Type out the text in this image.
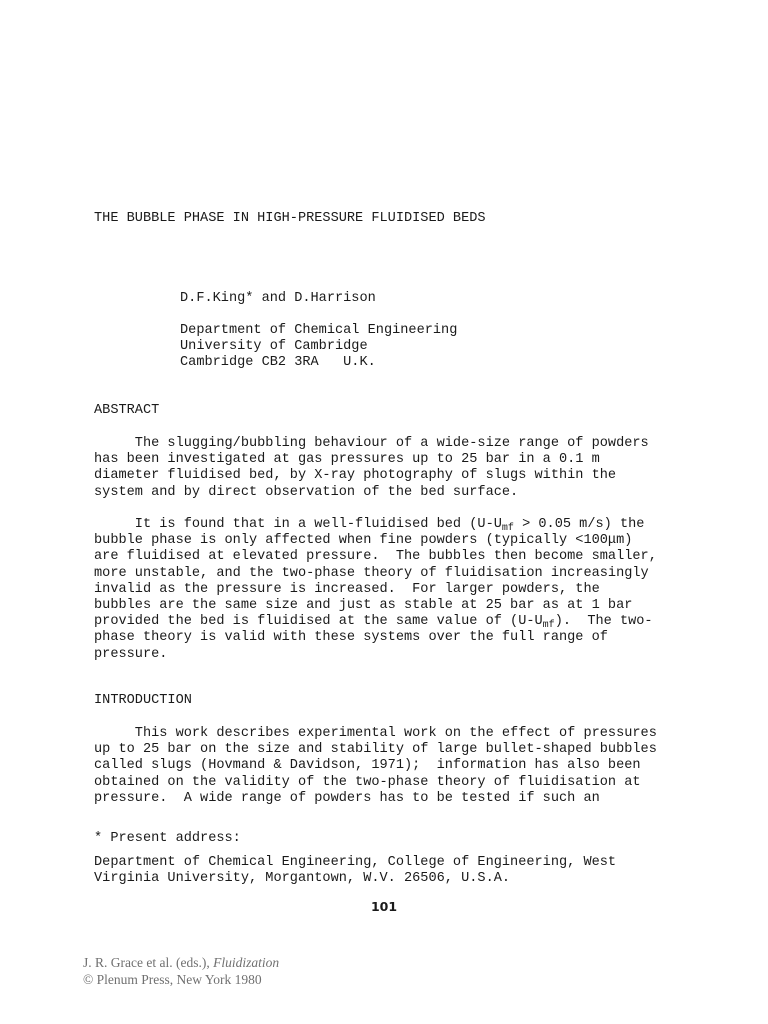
THE BUBBLE PHASE IN HIGH-PRESSURE FLUIDISED BEDS
D.F.King* and D.Harrison
Department of Chemical Engineering
University of Cambridge
Cambridge CB2 3RA   U.K.
ABSTRACT
The slugging/bubbling behaviour of a wide-size range of powders
has been investigated at gas pressures up to 25 bar in a 0.1 m
diameter fluidised bed, by X-ray photography of slugs within the
system and by direct observation of the bed surface.
It is found that in a well-fluidised bed ($U-U_{mf} > 0.05$ m/s) the
bubble phase is only affected when fine powders (typically <100μm)
are fluidised at elevated pressure.  The bubbles then become smaller,
more unstable, and the two-phase theory of fluidisation increasingly
invalid as the pressure is increased.  For larger powders, the
bubbles are the same size and just as stable at 25 bar as at 1 bar
provided the bed is fluidised at the same value of $(U-U_{mf})$.  The two-
phase theory is valid with these systems over the full range of
pressure.
INTRODUCTION
This work describes experimental work on the effect of pressures
up to 25 bar on the size and stability of large bullet-shaped bubbles
called slugs (Hovmand & Davidson, 1971);  information has also been
obtained on the validity of the two-phase theory of fluidisation at
pressure.  A wide range of powders has to be tested if such an
* Present address:
Department of Chemical Engineering, College of Engineering, West
Virginia University, Morgantown, W.V. 26506, U.S.A.
101
J. R. Grace et al. (eds.), Fluidization
© Plenum Press, New York 1980
